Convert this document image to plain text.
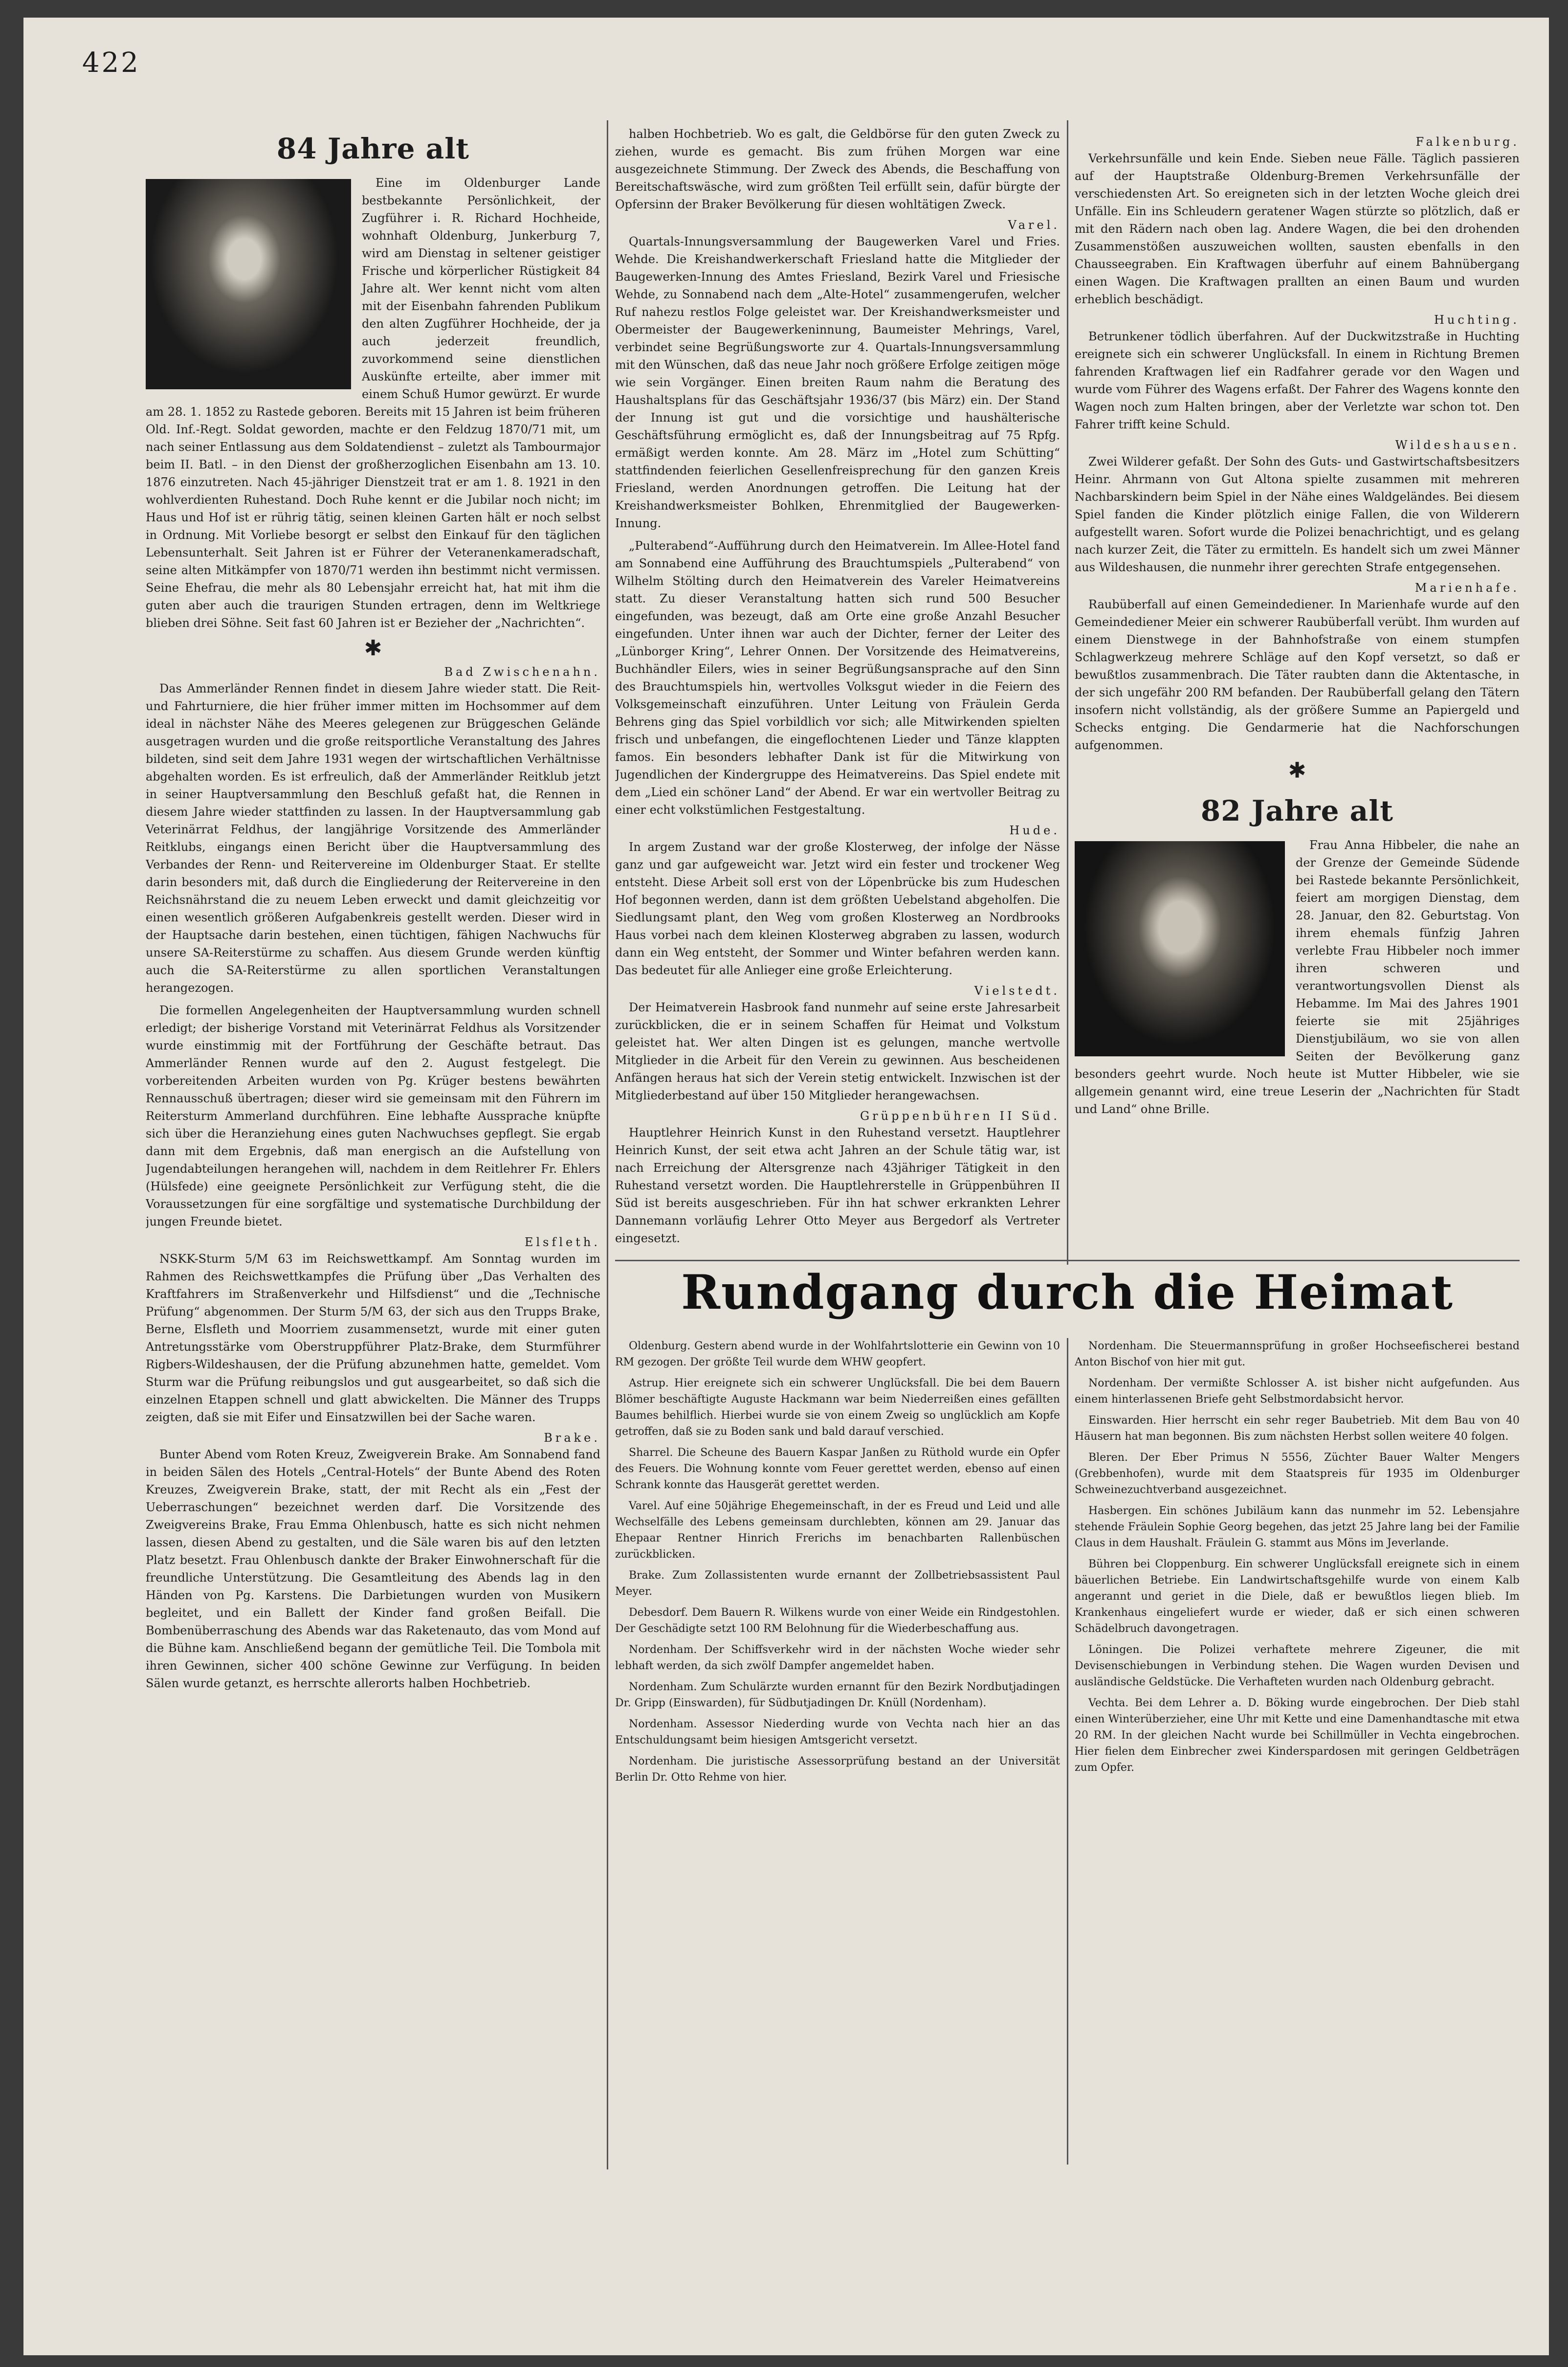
422
84 Jahre alt

Eine im Oldenburger Lande bestbekannte Persönlichkeit, der Zugführer i. R. Richard Hochheide, wohnhaft Oldenburg, Junkerburg 7, wird am Dienstag in seltener geistiger Frische und körperlicher Rüstigkeit 84 Jahre alt. Wer kennt nicht vom alten mit der Eisenbahn fahrenden Publikum den alten Zugführer Hochheide, der ja auch jederzeit freundlich, zuvorkommend seine dienstlichen Auskünfte erteilte, aber immer mit einem Schuß Humor gewürzt. Er wurde am 28. 1. 1852 zu Rastede geboren. Bereits mit 15 Jahren ist beim früheren Old. Inf.-Regt. Soldat geworden, machte er den Feldzug 1870/71 mit, um nach seiner Entlassung aus dem Soldatendienst – zuletzt als Tambourmajor beim II. Batl. – in den Dienst der großherzoglichen Eisenbahn am 13. 10. 1876 einzutreten. Nach 45-jähriger Dienstzeit trat er am 1. 8. 1921 in den wohlverdienten Ruhestand. Doch Ruhe kennt er die Jubilar noch nicht; im Haus und Hof ist er rührig tätig, seinen kleinen Garten hält er noch selbst in Ordnung. Mit Vorliebe besorgt er selbst den Einkauf für den täglichen Lebensunterhalt. Seit Jahren ist er Führer der Veteranenkameradschaft, seine alten Mitkämpfer von 1870/71 werden ihn bestimmt nicht vermissen. Seine Ehefrau, die mehr als 80 Lebensjahr erreicht hat, hat mit ihm die guten aber auch die traurigen Stunden ertragen, denn im Weltkriege blieben drei Söhne. Seit fast 60 Jahren ist er Bezieher der „Nachrichten“.

✱
Bad Zwischenahn.

Das Ammerländer Rennen findet in diesem Jahre wieder statt. Die Reit- und Fahrturniere, die hier früher immer mitten im Hochsommer auf dem ideal in nächster Nähe des Meeres gelegenen zur Brüggeschen Gelände ausgetragen wurden und die große reitsportliche Veranstaltung des Jahres bildeten, sind seit dem Jahre 1931 wegen der wirtschaftlichen Verhältnisse abgehalten worden. Es ist erfreulich, daß der Ammerländer Reitklub jetzt in seiner Hauptversammlung den Beschluß gefaßt hat, die Rennen in diesem Jahre wieder stattfinden zu lassen. In der Hauptversammlung gab Veterinärrat Feldhus, der langjährige Vorsitzende des Ammerländer Reitklubs, eingangs einen Bericht über die Hauptversammlung des Verbandes der Renn- und Reitervereine im Oldenburger Staat. Er stellte darin besonders mit, daß durch die Eingliederung der Reitervereine in den Reichsnährstand die zu neuem Leben erweckt und damit gleichzeitig vor einen wesentlich größeren Aufgabenkreis gestellt werden. Dieser wird in der Hauptsache darin bestehen, einen tüchtigen, fähigen Nachwuchs für unsere SA-Reiterstürme zu schaffen. Aus diesem Grunde werden künftig auch die SA-Reiterstürme zu allen sportlichen Veranstaltungen herangezogen.

Die formellen Angelegenheiten der Hauptversammlung wurden schnell erledigt; der bisherige Vorstand mit Veterinärrat Feldhus als Vorsitzender wurde einstimmig mit der Fortführung der Geschäfte betraut. Das Ammerländer Rennen wurde auf den 2. August festgelegt. Die vorbereitenden Arbeiten wurden von Pg. Krüger bestens bewährten Rennausschuß übertragen; dieser wird sie gemeinsam mit den Führern im Reitersturm Ammerland durchführen. Eine lebhafte Aussprache knüpfte sich über die Heranziehung eines guten Nachwuchses gepflegt. Sie ergab dann mit dem Ergebnis, daß man energisch an die Aufstellung von Jugendabteilungen herangehen will, nachdem in dem Reitlehrer Fr. Ehlers (Hülsfede) eine geeignete Persönlichkeit zur Verfügung steht, die die Voraussetzungen für eine sorgfältige und systematische Durchbildung der jungen Freunde bietet.

Elsfleth.

NSKK-Sturm 5/M 63 im Reichswettkampf. Am Sonntag wurden im Rahmen des Reichswettkampfes die Prüfung über „Das Verhalten des Kraftfahrers im Straßenverkehr und Hilfsdienst“ und die „Technische Prüfung“ abgenommen. Der Sturm 5/M 63, der sich aus den Trupps Brake, Berne, Elsfleth und Moorriem zusammensetzt, wurde mit einer guten Antretungsstärke vom Oberstruppführer Platz-Brake, dem Sturmführer Rigbers-Wildeshausen, der die Prüfung abzunehmen hatte, gemeldet. Vom Sturm war die Prüfung reibungslos und gut ausgearbeitet, so daß sich die einzelnen Etappen schnell und glatt abwickelten. Die Männer des Trupps zeigten, daß sie mit Eifer und Einsatzwillen bei der Sache waren.

Brake.

Bunter Abend vom Roten Kreuz, Zweigverein Brake. Am Sonnabend fand in beiden Sälen des Hotels „Central-Hotels“ der Bunte Abend des Roten Kreuzes, Zweigverein Brake, statt, der mit Recht als ein „Fest der Ueberraschungen“ bezeichnet werden darf. Die Vorsitzende des Zweigvereins Brake, Frau Emma Ohlenbusch, hatte es sich nicht nehmen lassen, diesen Abend zu gestalten, und die Säle waren bis auf den letzten Platz besetzt. Frau Ohlenbusch dankte der Braker Einwohnerschaft für die freundliche Unterstützung. Die Gesamtleitung des Abends lag in den Händen von Pg. Karstens. Die Darbietungen wurden von Musikern begleitet, und ein Ballett der Kinder fand großen Beifall. Die Bombenüberraschung des Abends war das Raketenauto, das vom Mond auf die Bühne kam. Anschließend begann der gemütliche Teil. Die Tombola mit ihren Gewinnen, sicher 400 schöne Gewinne zur Verfügung. In beiden Sälen wurde getanzt, es herrschte allerorts halben Hochbetrieb.

halben Hochbetrieb. Wo es galt, die Geldbörse für den guten Zweck zu ziehen, wurde es gemacht. Bis zum frühen Morgen war eine ausgezeichnete Stimmung. Der Zweck des Abends, die Beschaffung von Bereitschaftswäsche, wird zum größten Teil erfüllt sein, dafür bürgte der Opfersinn der Braker Bevölkerung für diesen wohltätigen Zweck.

Varel.

Quartals-Innungsversammlung der Baugewerken Varel und Fries. Wehde. Die Kreishandwerkerschaft Friesland hatte die Mitglieder der Baugewerken-Innung des Amtes Friesland, Bezirk Varel und Friesische Wehde, zu Sonnabend nach dem „Alte-Hotel“ zusammengerufen, welcher Ruf nahezu restlos Folge geleistet war. Der Kreishandwerksmeister und Obermeister der Baugewerkeninnung, Baumeister Mehrings, Varel, verbindet seine Begrüßungsworte zur 4. Quartals-Innungsversammlung mit den Wünschen, daß das neue Jahr noch größere Erfolge zeitigen möge wie sein Vorgänger. Einen breiten Raum nahm die Beratung des Haushaltsplans für das Geschäftsjahr 1936/37 (bis März) ein. Der Stand der Innung ist gut und die vorsichtige und haushälterische Geschäftsführung ermöglicht es, daß der Innungsbeitrag auf 75 Rpfg. ermäßigt werden konnte. Am 28. März im „Hotel zum Schütting“ stattfindenden feierlichen Gesellenfreisprechung für den ganzen Kreis Friesland, werden Anordnungen getroffen. Die Leitung hat der Kreishandwerksmeister Bohlken, Ehrenmitglied der Baugewerken-Innung.

„Pulterabend“-Aufführung durch den Heimatverein. Im Allee-Hotel fand am Sonnabend eine Aufführung des Brauchtumspiels „Pulterabend“ von Wilhelm Stölting durch den Heimatverein des Vareler Heimatvereins statt. Zu dieser Veranstaltung hatten sich rund 500 Besucher eingefunden, was bezeugt, daß am Orte eine große Anzahl Besucher eingefunden. Unter ihnen war auch der Dichter, ferner der Leiter des „Lünborger Kring“, Lehrer Onnen. Der Vorsitzende des Heimatvereins, Buchhändler Eilers, wies in seiner Begrüßungsansprache auf den Sinn des Brauchtumspiels hin, wertvolles Volksgut wieder in die Feiern des Volksgemeinschaft einzuführen. Unter Leitung von Fräulein Gerda Behrens ging das Spiel vorbildlich vor sich; alle Mitwirkenden spielten frisch und unbefangen, die eingeflochtenen Lieder und Tänze klappten famos. Ein besonders lebhafter Dank ist für die Mitwirkung von Jugendlichen der Kindergruppe des Heimatvereins. Das Spiel endete mit dem „Lied ein schöner Land“ der Abend. Er war ein wertvoller Beitrag zu einer echt volkstümlichen Festgestaltung.

Hude.

In argem Zustand war der große Klosterweg, der infolge der Nässe ganz und gar aufgeweicht war. Jetzt wird ein fester und trockener Weg entsteht. Diese Arbeit soll erst von der Löpenbrücke bis zum Hudeschen Hof begonnen werden, dann ist dem größten Uebelstand abgeholfen. Die Siedlungsamt plant, den Weg vom großen Klosterweg an Nordbrooks Haus vorbei nach dem kleinen Klosterweg abgraben zu lassen, wodurch dann ein Weg entsteht, der Sommer und Winter befahren werden kann. Das bedeutet für alle Anlieger eine große Erleichterung.

Vielstedt.

Der Heimatverein Hasbrook fand nunmehr auf seine erste Jahresarbeit zurückblicken, die er in seinem Schaffen für Heimat und Volkstum geleistet hat. Wer alten Dingen ist es gelungen, manche wertvolle Mitglieder in die Arbeit für den Verein zu gewinnen. Aus bescheidenen Anfängen heraus hat sich der Verein stetig entwickelt. Inzwischen ist der Mitgliederbestand auf über 150 Mitglieder herangewachsen.

Grüppenbühren II Süd.

Hauptlehrer Heinrich Kunst in den Ruhestand versetzt. Hauptlehrer Heinrich Kunst, der seit etwa acht Jahren an der Schule tätig war, ist nach Erreichung der Altersgrenze nach 43jähriger Tätigkeit in den Ruhestand versetzt worden. Die Hauptlehrerstelle in Grüppenbühren II Süd ist bereits ausgeschrieben. Für ihn hat schwer erkrankten Lehrer Dannemann vorläufig Lehrer Otto Meyer aus Bergedorf als Vertreter eingesetzt.

Falkenburg.

Verkehrsunfälle und kein Ende. Sieben neue Fälle. Täglich passieren auf der Hauptstraße Oldenburg-Bremen Verkehrsunfälle der verschiedensten Art. So ereigneten sich in der letzten Woche gleich drei Unfälle. Ein ins Schleudern geratener Wagen stürzte so plötzlich, daß er mit den Rädern nach oben lag. Andere Wagen, die bei den drohenden Zusammenstößen auszuweichen wollten, sausten ebenfalls in den Chausseegraben. Ein Kraftwagen überfuhr auf einem Bahnübergang einen Wagen. Die Kraftwagen prallten an einen Baum und wurden erheblich beschädigt.

Huchting.

Betrunkener tödlich überfahren. Auf der Duckwitzstraße in Huchting ereignete sich ein schwerer Unglücksfall. In einem in Richtung Bremen fahrenden Kraftwagen lief ein Radfahrer gerade vor den Wagen und wurde vom Führer des Wagens erfaßt. Der Fahrer des Wagens konnte den Wagen noch zum Halten bringen, aber der Verletzte war schon tot. Den Fahrer trifft keine Schuld.

Wildeshausen.

Zwei Wilderer gefaßt. Der Sohn des Guts- und Gastwirtschaftsbesitzers Heinr. Ahrmann von Gut Altona spielte zusammen mit mehreren Nachbarskindern beim Spiel in der Nähe eines Waldgeländes. Bei diesem Spiel fanden die Kinder plötzlich einige Fallen, die von Wilderern aufgestellt waren. Sofort wurde die Polizei benachrichtigt, und es gelang nach kurzer Zeit, die Täter zu ermitteln. Es handelt sich um zwei Männer aus Wildeshausen, die nunmehr ihrer gerechten Strafe entgegensehen.

Marienhafe.

Raubüberfall auf einen Gemeindediener. In Marienhafe wurde auf den Gemeindediener Meier ein schwerer Raubüberfall verübt. Ihm wurden auf einem Dienstwege in der Bahnhofstraße von einem stumpfen Schlagwerkzeug mehrere Schläge auf den Kopf versetzt, so daß er bewußtlos zusammenbrach. Die Täter raubten dann die Aktentasche, in der sich ungefähr 200 RM befanden. Der Raubüberfall gelang den Tätern insofern nicht vollständig, als der größere Summe an Papiergeld und Schecks entging. Die Gendarmerie hat die Nachforschungen aufgenommen.

✱
82 Jahre alt

Frau Anna Hibbeler, die nahe an der Grenze der Gemeinde Südende bei Rastede bekannte Persönlichkeit, feiert am morgigen Dienstag, dem 28. Januar, den 82. Geburtstag. Von ihrem ehemals fünfzig Jahren verlebte Frau Hibbeler noch immer ihren schweren und verantwortungsvollen Dienst als Hebamme. Im Mai des Jahres 1901 feierte sie mit 25jähriges Dienstjubiläum, wo sie von allen Seiten der Bevölkerung ganz besonders geehrt wurde. Noch heute ist Mutter Hibbeler, wie sie allgemein genannt wird, eine treue Leserin der „Nachrichten für Stadt und Land“ ohne Brille.

Rundgang durch die Heimat

Oldenburg. Gestern abend wurde in der Wohlfahrtslotterie ein Gewinn von 10 RM gezogen. Der größte Teil wurde dem WHW geopfert.

Astrup. Hier ereignete sich ein schwerer Unglücksfall. Die bei dem Bauern Blömer beschäftigte Auguste Hackmann war beim Niederreißen eines gefällten Baumes behilflich. Hierbei wurde sie von einem Zweig so unglücklich am Kopfe getroffen, daß sie zu Boden sank und bald darauf verschied.

Sharrel. Die Scheune des Bauern Kaspar Janßen zu Rüthold wurde ein Opfer des Feuers. Die Wohnung konnte vom Feuer gerettet werden, ebenso auf einen Schrank konnte das Hausgerät gerettet werden.

Varel. Auf eine 50jährige Ehegemeinschaft, in der es Freud und Leid und alle Wechselfälle des Lebens gemeinsam durchlebten, können am 29. Januar das Ehepaar Rentner Hinrich Frerichs im benachbarten Rallenbüschen zurückblicken.

Brake. Zum Zollassistenten wurde ernannt der Zollbetriebsassistent Paul Meyer.

Debesdorf. Dem Bauern R. Wilkens wurde von einer Weide ein Rindgestohlen. Der Geschädigte setzt 100 RM Belohnung für die Wiederbeschaffung aus.

Nordenham. Der Schiffsverkehr wird in der nächsten Woche wieder sehr lebhaft werden, da sich zwölf Dampfer angemeldet haben.

Nordenham. Zum Schulärzte wurden ernannt für den Bezirk Nordbutjadingen Dr. Gripp (Einswarden), für Südbutjadingen Dr. Knüll (Nordenham).

Nordenham. Assessor Niederding wurde von Vechta nach hier an das Entschuldungsamt beim hiesigen Amtsgericht versetzt.

Nordenham. Die juristische Assessorprüfung bestand an der Universität Berlin Dr. Otto Rehme von hier.

Nordenham. Die Steuermannsprüfung in großer Hochseefischerei bestand Anton Bischof von hier mit gut.

Nordenham. Der vermißte Schlosser A. ist bisher nicht aufgefunden. Aus einem hinterlassenen Briefe geht Selbstmordabsicht hervor.

Einswarden. Hier herrscht ein sehr reger Baubetrieb. Mit dem Bau von 40 Häusern hat man begonnen. Bis zum nächsten Herbst sollen weitere 40 folgen.

Bleren. Der Eber Primus N 5556, Züchter Bauer Walter Mengers (Grebbenhofen), wurde mit dem Staatspreis für 1935 im Oldenburger Schweinezuchtverband ausgezeichnet.

Hasbergen. Ein schönes Jubiläum kann das nunmehr im 52. Lebensjahre stehende Fräulein Sophie Georg begehen, das jetzt 25 Jahre lang bei der Familie Claus in dem Haushalt. Fräulein G. stammt aus Möns im Jeverlande.

Bühren bei Cloppenburg. Ein schwerer Unglücksfall ereignete sich in einem bäuerlichen Betriebe. Ein Landwirtschaftsgehilfe wurde von einem Kalb angerannt und geriet in die Diele, daß er bewußtlos liegen blieb. Im Krankenhaus eingeliefert wurde er wieder, daß er sich einen schweren Schädelbruch davongetragen.

Löningen. Die Polizei verhaftete mehrere Zigeuner, die mit Devisenschiebungen in Verbindung stehen. Die Wagen wurden Devisen und ausländische Geldstücke. Die Verhafteten wurden nach Oldenburg gebracht.

Vechta. Bei dem Lehrer a. D. Böking wurde eingebrochen. Der Dieb stahl einen Winterüberzieher, eine Uhr mit Kette und eine Damenhandtasche mit etwa 20 RM. In der gleichen Nacht wurde bei Schillmüller in Vechta eingebrochen. Hier fielen dem Einbrecher zwei Kinderspardosen mit geringen Geldbeträgen zum Opfer.
